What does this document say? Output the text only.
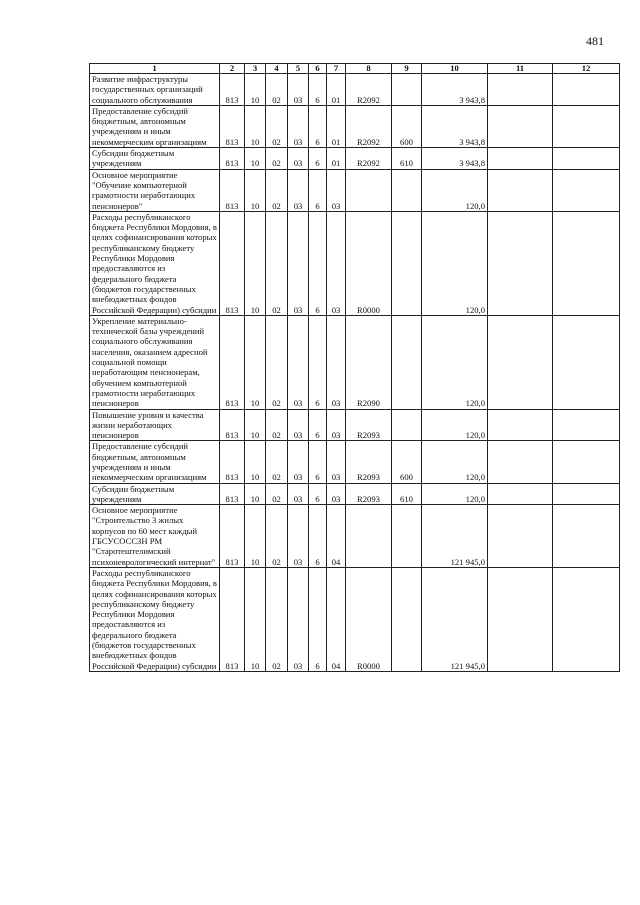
481
1	2	3	4	5	6	7	8	9	10	11	12
Развитие инфраструктуры государственных организаций социального обслуживания	813	10	02	03	6	01	R2092		3 943,8		
Предоставление субсидий бюджетным, автономным учреждениям и иным некоммерческим организациям	813	10	02	03	6	01	R2092	600	3 943,8		
Субсидии бюджетным учреждениям	813	10	02	03	6	01	R2092	610	3 943,8		
Основное мероприятие "Обучение компьютерной грамотности неработающих пенсионеров"	813	10	02	03	6	03			120,0		
Расходы республиканского бюджета Республики Мордовия, в целях софинансирования которых республиканскому бюджету Республики Мордовия предоставляются из федерального бюджета (бюджетов государственных внебюджетных фондов Российской Федерации) субсидии	813	10	02	03	6	03	R0000		120,0		
Укрепление материально-технической базы учреждений социального обслуживания населения, оказанием адресной социальной помощи неработающим пенсионерам, обучением компьютерной грамотности неработающих пенсионеров	813	10	02	03	6	03	R2090		120,0		
Повышение уровня и качества жизни неработающих пенсионеров	813	10	02	03	6	03	R2093		120,0		
Предоставление субсидий бюджетным, автономным учреждениям и иным некоммерческим организациям	813	10	02	03	6	03	R2093	600	120,0		
Субсидии бюджетным учреждениям	813	10	02	03	6	03	R2093	610	120,0		
Основное мероприятие "Строительство 3 жилых корпусов по 60 мест каждый ГБСУСОССЗН РМ "Старотештелимский психоневрологический интернат"	813	10	02	03	6	04			121 945,0		
Расходы республиканского бюджета Республики Мордовия, в целях софинансирования которых республиканскому бюджету Республики Мордовия предоставляются из федерального бюджета (бюджетов государственных внебюджетных фондов Российской Федерации) субсидии	813	10	02	03	6	04	R0000		121 945,0		
